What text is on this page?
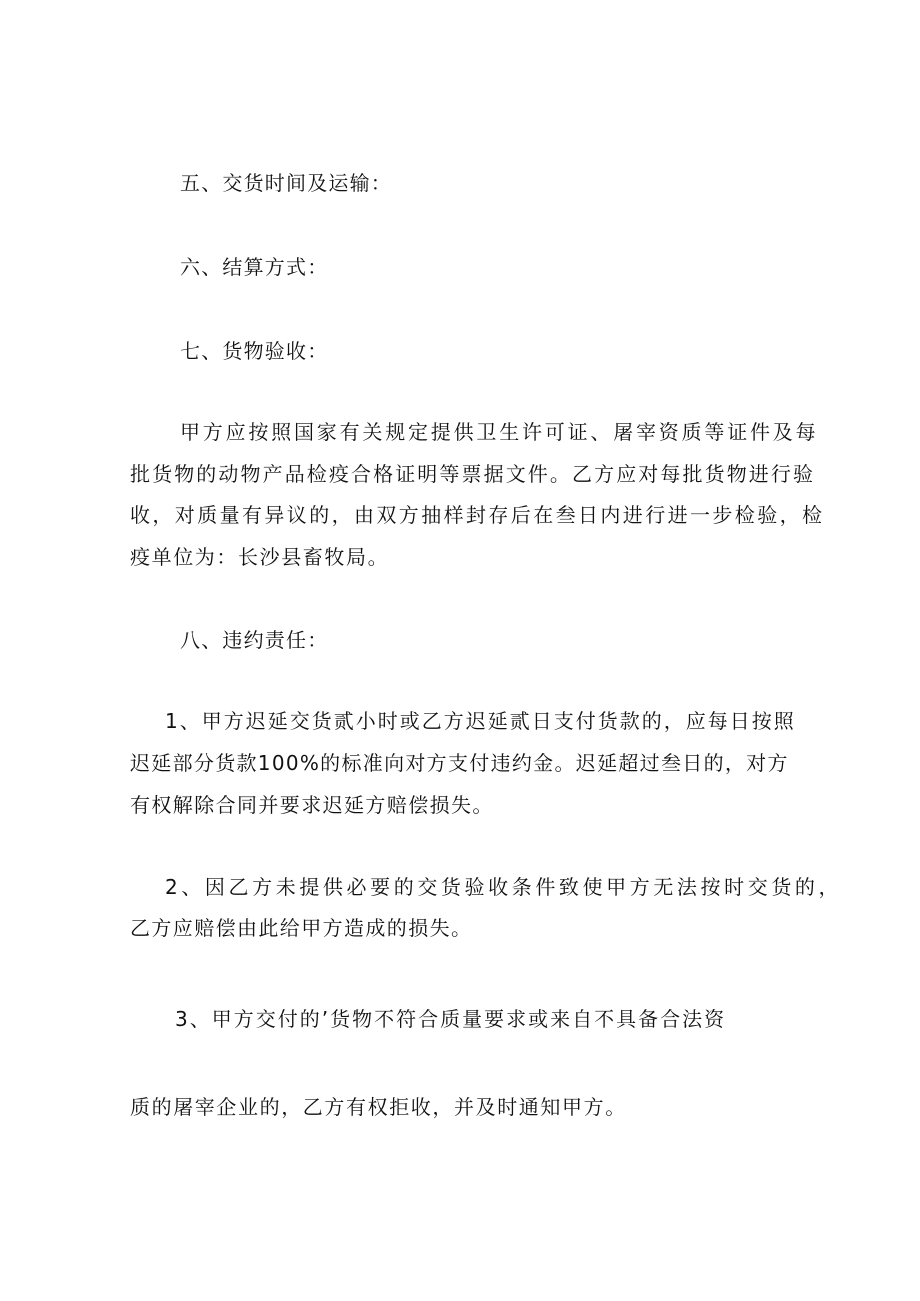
五、交货时间及运输：
六、结算方式：
七、货物验收：
甲方应按照国家有关规定提供卫生许可证、屠宰资质等证件及每
批货物的动物产品检疫合格证明等票据文件。乙方应对每批货物进行验
收，对质量有异议的，由双方抽样封存后在叁日内进行进一步检验，检
疫单位为：长沙县畜牧局。
八、违约责任：
1、甲方迟延交货贰小时或乙方迟延贰日支付货款的，应每日按照
迟延部分货款100%的标准向对方支付违约金。迟延超过叁日的，对方
有权解除合同并要求迟延方赔偿损失。
2、因乙方未提供必要的交货验收条件致使甲方无法按时交货的，
乙方应赔偿由此给甲方造成的损失。
3、甲方交付的’货物不符合质量要求或来自不具备合法资
质的屠宰企业的，乙方有权拒收，并及时通知甲方。
